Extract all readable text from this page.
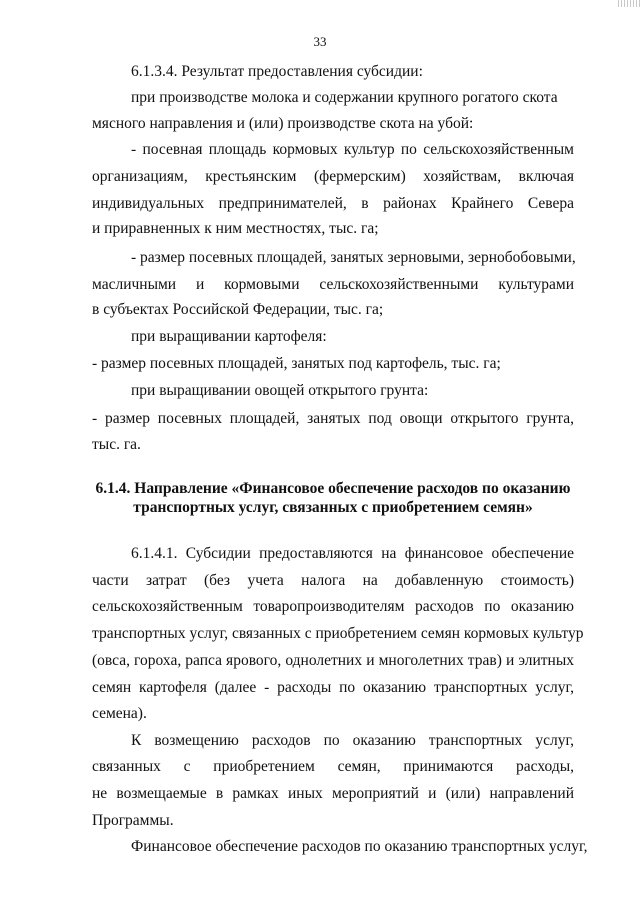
33
6.1.3.4. Результат предоставления субсидии:
при производстве молока и содержании крупного рогатого скота
мясного направления и (или) производстве скота на убой:
- посевная площадь кормовых культур по сельскохозяйственным
организациям, крестьянским (фермерским) хозяйствам, включая
индивидуальных предпринимателей, в районах Крайнего Севера
и приравненных к ним местностях, тыс. га;
- размер посевных площадей, занятых зерновыми, зернобобовыми,
масличными и кормовыми сельскохозяйственными культурами
в субъектах Российской Федерации, тыс. га;
при выращивании картофеля:
- размер посевных площадей, занятых под картофель, тыс. га;
при выращивании овощей открытого грунта:
- размер посевных площадей, занятых под овощи открытого грунта,
тыс. га.
6.1.4. Направление «Финансовое обеспечение расходов по оказанию
транспортных услуг, связанных с приобретением семян»
6.1.4.1. Субсидии предоставляются на финансовое обеспечение
части затрат (без учета налога на добавленную стоимость)
сельскохозяйственным товаропроизводителям расходов по оказанию
транспортных услуг, связанных с приобретением семян кормовых культур
(овса, гороха, рапса ярового, однолетних и многолетних трав) и элитных
семян картофеля (далее - расходы по оказанию транспортных услуг,
семена).
К возмещению расходов по оказанию транспортных услуг,
связанных с приобретением семян, принимаются расходы,
не возмещаемые в рамках иных мероприятий и (или) направлений
Программы.
Финансовое обеспечение расходов по оказанию транспортных услуг,
